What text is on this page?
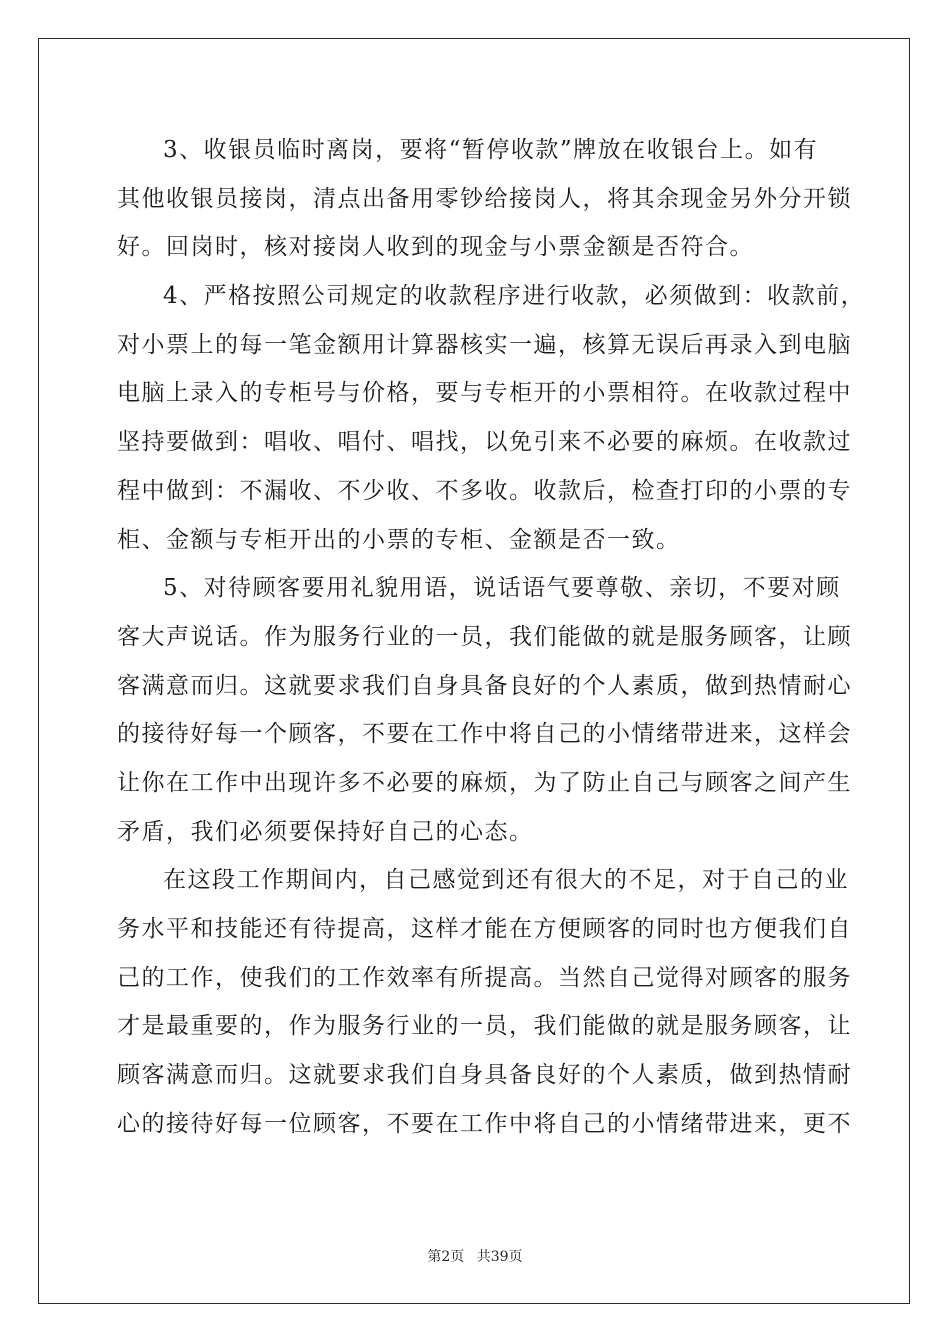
3、收银员临时离岗，要将“暂停收款”牌放在收银台上。如有
其他收银员接岗，清点出备用零钞给接岗人，将其余现金另外分开锁
好。回岗时，核对接岗人收到的现金与小票金额是否符合。
4、严格按照公司规定的收款程序进行收款，必须做到：收款前，
对小票上的每一笔金额用计算器核实一遍，核算无误后再录入到电脑
电脑上录入的专柜号与价格，要与专柜开的小票相符。在收款过程中
坚持要做到：唱收、唱付、唱找，以免引来不必要的麻烦。在收款过
程中做到：不漏收、不少收、不多收。收款后，检查打印的小票的专
柜、金额与专柜开出的小票的专柜、金额是否一致。
5、对待顾客要用礼貌用语，说话语气要尊敬、亲切，不要对顾
客大声说话。作为服务行业的一员，我们能做的就是服务顾客，让顾
客满意而归。这就要求我们自身具备良好的个人素质，做到热情耐心
的接待好每一个顾客，不要在工作中将自己的小情绪带进来，这样会
让你在工作中出现许多不必要的麻烦，为了防止自己与顾客之间产生
矛盾，我们必须要保持好自己的心态。
在这段工作期间内，自己感觉到还有很大的不足，对于自己的业
务水平和技能还有待提高，这样才能在方便顾客的同时也方便我们自
己的工作，使我们的工作效率有所提高。当然自己觉得对顾客的服务
才是最重要的，作为服务行业的一员，我们能做的就是服务顾客，让
顾客满意而归。这就要求我们自身具备良好的个人素质，做到热情耐
心的接待好每一位顾客，不要在工作中将自己的小情绪带进来，更不
第2页 共39页
